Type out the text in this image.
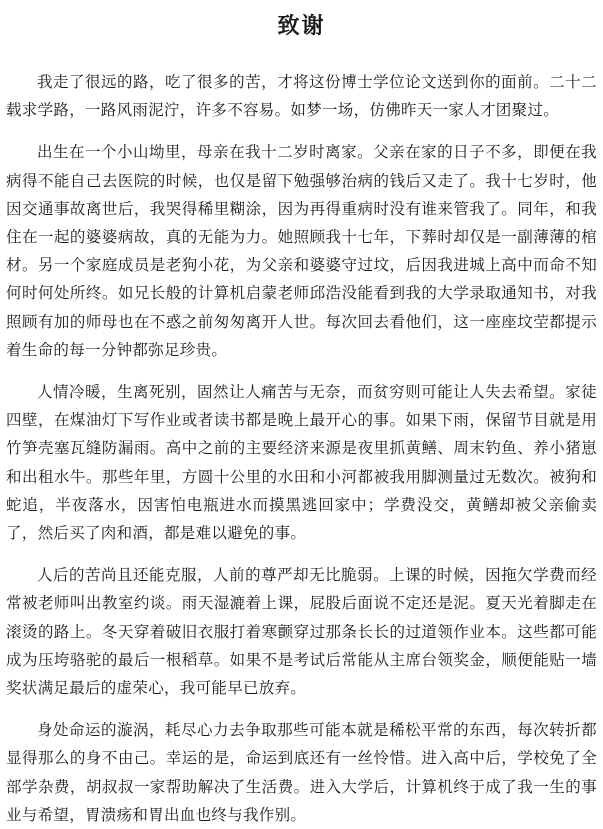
致谢

我走了很远的路，吃了很多的苦，才将这份博士学位论文送到你的面前。二十二载求学路，一路风雨泥泞，许多不容易。如梦一场，仿佛昨天一家人才团聚过。

出生在一个小山坳里，母亲在我十二岁时离家。父亲在家的日子不多，即便在我病得不能自己去医院的时候，也仅是留下勉强够治病的钱后又走了。我十七岁时，他因交通事故离世后，我哭得稀里糊涂，因为再得重病时没有谁来管我了。同年，和我住在一起的婆婆病故，真的无能为力。她照顾我十七年，下葬时却仅是一副薄薄的棺材。另一个家庭成员是老狗小花，为父亲和婆婆守过坟，后因我进城上高中而命不知何时何处所终。如兄长般的计算机启蒙老师邱浩没能看到我的大学录取通知书，对我照顾有加的师母也在不惑之前匆匆离开人世。每次回去看他们，这一座座坟茔都提示着生命的每一分钟都弥足珍贵。

人情冷暖，生离死别，固然让人痛苦与无奈，而贫穷则可能让人失去希望。家徒四壁，在煤油灯下写作业或者读书都是晚上最开心的事。如果下雨，保留节目就是用竹笋壳塞瓦缝防漏雨。高中之前的主要经济来源是夜里抓黄鳝、周末钓鱼、养小猪崽和出租水牛。那些年里，方圆十公里的水田和小河都被我用脚测量过无数次。被狗和蛇追，半夜落水，因害怕电瓶进水而摸黑逃回家中；学费没交，黄鳝却被父亲偷卖了，然后买了肉和酒，都是难以避免的事。

人后的苦尚且还能克服，人前的尊严却无比脆弱。上课的时候，因拖欠学费而经常被老师叫出教室约谈。雨天湿漉着上课，屁股后面说不定还是泥。夏天光着脚走在滚烫的路上。冬天穿着破旧衣服打着寒颤穿过那条长长的过道领作业本。这些都可能成为压垮骆驼的最后一根稻草。如果不是考试后常能从主席台领奖金，顺便能贴一墙奖状满足最后的虚荣心，我可能早已放弃。

身处命运的漩涡，耗尽心力去争取那些可能本就是稀松平常的东西，每次转折都显得那么的身不由己。幸运的是，命运到底还有一丝怜惜。进入高中后，学校免了全部学杂费，胡叔叔一家帮助解决了生活费。进入大学后，计算机终于成了我一生的事业与希望，胃溃疡和胃出血也终与我作别。
